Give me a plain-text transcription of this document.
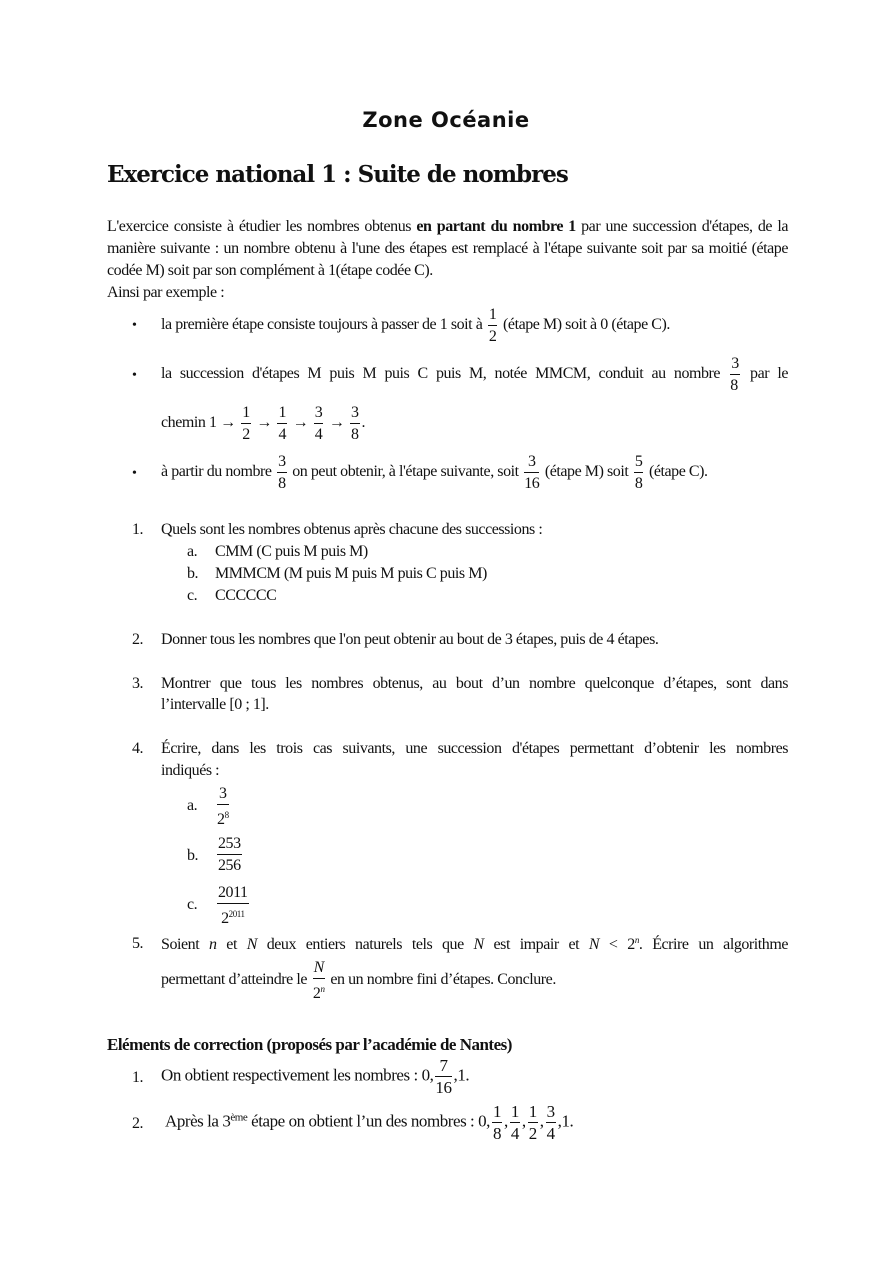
Zone Océanie
Exercice national 1 : Suite de nombres
L'exercice consiste à étudier les nombres obtenus en partant du nombre 1 par une succession d'étapes, de la manière suivante : un nombre obtenu à l'une des étapes est remplacé à l'étape suivante soit par sa moitié (étape codée M) soit par son complément à 1(étape codée C).
Ainsi par exemple :
• la première étape consiste toujours à passer de 1 soit à $\frac{1}{2}$ (étape M) soit à 0 (étape C).
• la succession d'étapes M puis M puis C puis M, notée MMCM, conduit au nombre $\frac{3}{8}$ par le
chemin $1 \to \frac{1}{2} \to \frac{1}{4} \to \frac{3}{4} \to \frac{3}{8}$ .
• à partir du nombre $\frac{3}{8}$ on peut obtenir, à l'étape suivante, soit $\frac{3}{16}$ (étape M) soit $\frac{5}{8}$ (étape C).
1. Quels sont les nombres obtenus après chacune des successions :
a. CMM (C puis M puis M)
b. MMMCM (M puis M puis M puis C puis M)
c. CCCCCC
2. Donner tous les nombres que l'on peut obtenir au bout de 3 étapes, puis de 4 étapes.
3. Montrer que tous les nombres obtenus, au bout d’un nombre quelconque d’étapes, sont dans
l’intervalle [0 ; 1].
4. Écrire, dans les trois cas suivants, une succession d'étapes permettant d’obtenir les nombres
indiqués :
a. $\frac{3}{2^8}$
b. $\frac{253}{256}$
c. $\frac{2011}{2^{2011}}$
5. Soient n et N deux entiers naturels tels que N est impair et $N < 2^n$. Écrire un algorithme
permettant d’atteindre le $\frac{N}{2^n}$ en un nombre fini d’étapes. Conclure.
Eléments de correction (proposés par l’académie de Nantes)
1. On obtient respectivement les nombres : 0, $\frac{7}{16} ,1$.
2. Après la 3ème étape on obtient l’un des nombres : 0, $\frac{1}{8}$ , $\frac{1}{4}$ , $\frac{1}{2}$ , $\frac{3}{4} ,1$.
